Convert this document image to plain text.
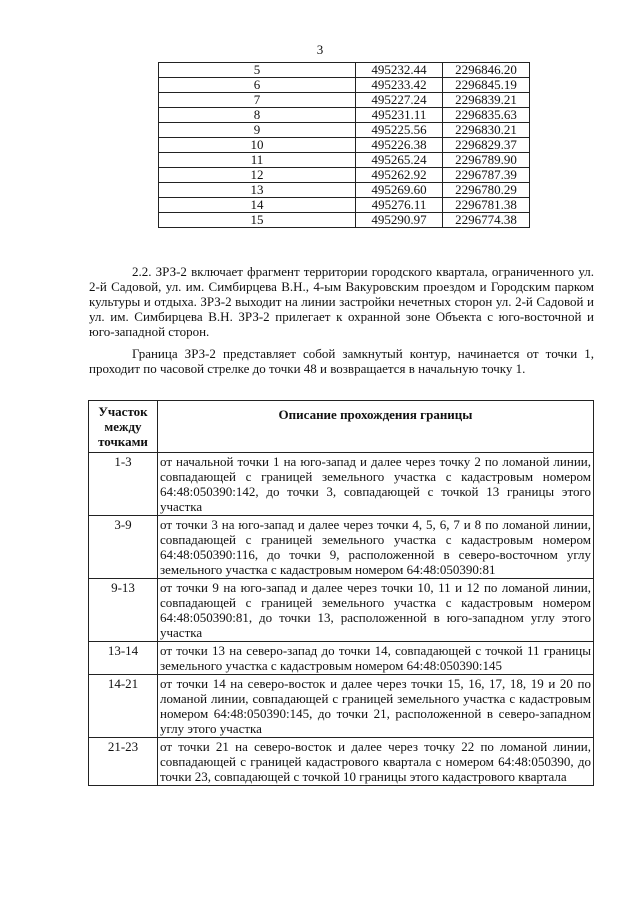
3
5	495232.44	2296846.20
6	495233.42	2296845.19
7	495227.24	2296839.21
8	495231.11	2296835.63
9	495225.56	2296830.21
10	495226.38	2296829.37
11	495265.24	2296789.90
12	495262.92	2296787.39
13	495269.60	2296780.29
14	495276.11	2296781.38
15	495290.97	2296774.38

2.2. ЗРЗ-2 включает фрагмент территории городского квартала, ограниченного ул. 2-й Садовой, ул. им. Симбирцева В.Н., 4-ым Вакуровским проездом и Городским парком культуры и отдыха. ЗРЗ-2 выходит на линии застройки нечетных сторон ул. 2-й Садовой и ул. им. Симбирцева В.Н. ЗРЗ-2 прилегает к охранной зоне Объекта с юго-восточной и юго-западной сторон.

Граница ЗРЗ-2 представляет собой замкнутый контур, начинается от точки 1, проходит по часовой стрелке до точки 48 и возвращается в начальную точку 1.

Участок между точками	Описание прохождения границы
1-3	от начальной точки 1 на юго-запад и далее через точку 2 по ломаной линии, совпадающей с границей земельного участка с кадастровым номером 64:48:050390:142, до точки 3, совпадающей с точкой 13 границы этого участка
3-9	от точки 3 на юго-запад и далее через точки 4, 5, 6, 7 и 8 по ломаной линии, совпадающей с границей земельного участка с кадастровым номером 64:48:050390:116, до точки 9, расположенной в северо-восточном углу земельного участка с кадастровым номером 64:48:050390:81
9-13	от точки 9 на юго-запад и далее через точки 10, 11 и 12 по ломаной линии, совпадающей с границей земельного участка с кадастровым номером 64:48:050390:81, до точки 13, расположенной в юго-западном углу этого участка
13-14	от точки 13 на северо-запад до точки 14, совпадающей с точкой 11 границы земельного участка с кадастровым номером 64:48:050390:145
14-21	от точки 14 на северо-восток и далее через точки 15, 16, 17, 18, 19 и 20 по ломаной линии, совпадающей с границей земельного участка с кадастровым номером 64:48:050390:145, до точки 21, расположенной в северо-западном углу этого участка
21-23	от точки 21 на северо-восток и далее через точку 22 по ломаной линии, совпадающей с границей кадастрового квартала с номером 64:48:050390, до точки 23, совпадающей с точкой 10 границы этого кадастрового квартала
